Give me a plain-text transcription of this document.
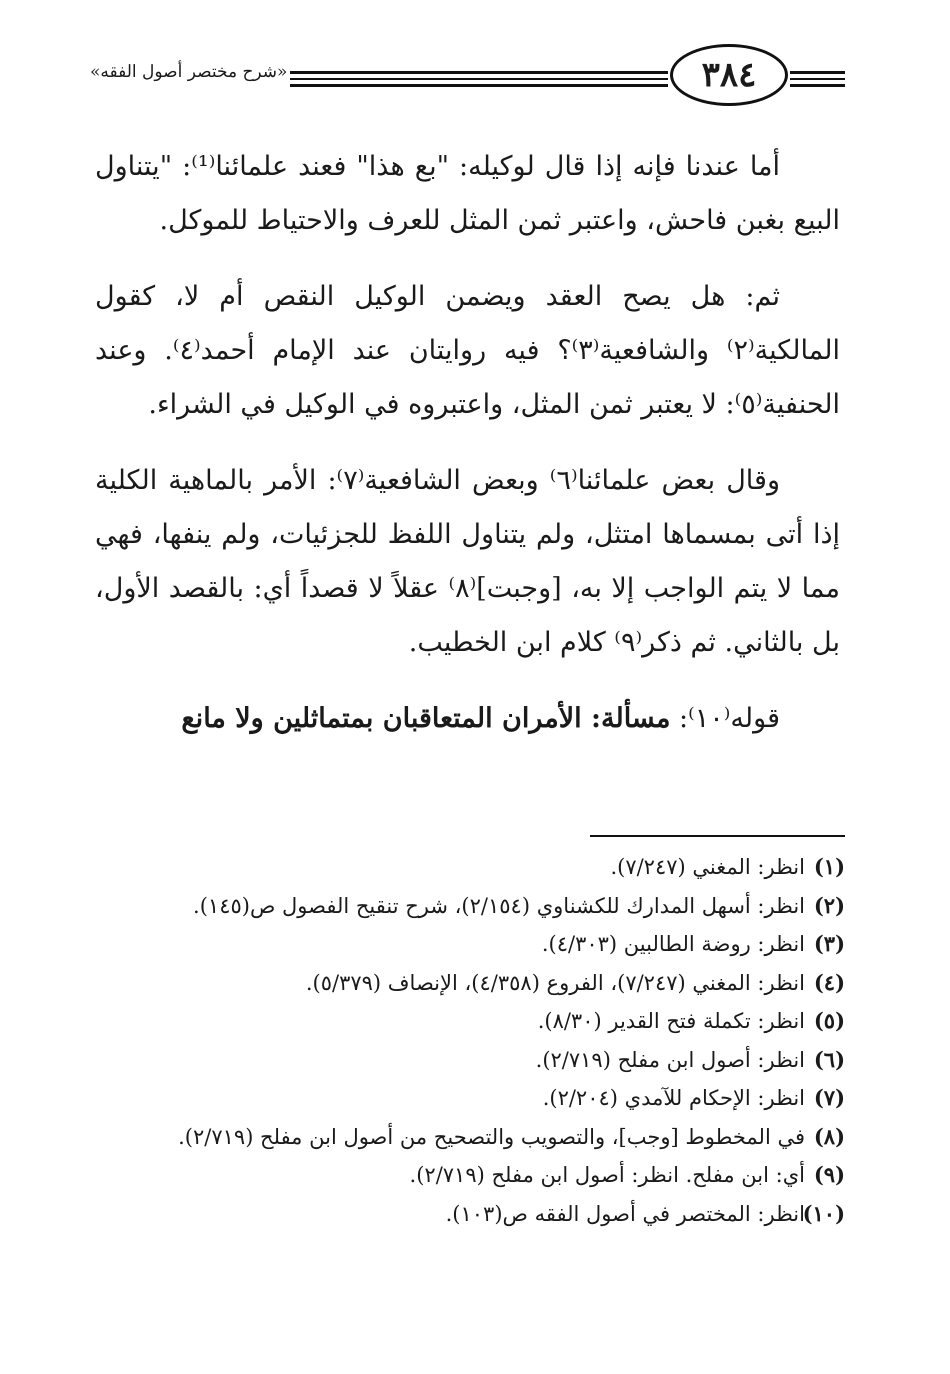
«شرح مختصر أصول الفقه»	٣٨٤

أما عندنا فإنه إذا قال لوكيله: "بع هذا" فعند علمائنا⁽¹⁾: "يتناول البيع بغبن فاحش، واعتبر ثمن المثل للعرف والاحتياط للموكل.

ثم: هل يصح العقد ويضمن الوكيل النقص أم لا، كقول المالكية⁽٢⁾ والشافعية⁽٣⁾؟ فيه روايتان عند الإمام أحمد⁽٤⁾. وعند الحنفية⁽٥⁾: لا يعتبر ثمن المثل، واعتبروه في الوكيل في الشراء.

وقال بعض علمائنا⁽٦⁾ وبعض الشافعية⁽٧⁾: الأمر بالماهية الكلية إذا أتى بمسماها امتثل، ولم يتناول اللفظ للجزئيات، ولم ينفها، فهي مما لا يتم الواجب إلا به، [وجبت]⁽٨⁾ عقلاً لا قصداً أي: بالقصد الأول، بل بالثاني. ثم ذكر⁽٩⁾ كلام ابن الخطيب.

قوله⁽١٠⁾: مسألة: الأمران المتعاقبان بمتماثلين ولا مانع

(١)انظر: المغني (٧/٢٤٧).
(٢)انظر: أسهل المدارك للكشناوي (٢/١٥٤)، شرح تنقيح الفصول ص(١٤٥).
(٣)انظر: روضة الطالبين (٤/٣٠٣).
(٤)انظر: المغني (٧/٢٤٧)، الفروع (٤/٣٥٨)، الإنصاف (٥/٣٧٩).
(٥)انظر: تكملة فتح القدير (٨/٣٠).
(٦)انظر: أصول ابن مفلح (٢/٧١٩).
(٧)انظر: الإحكام للآمدي (٢/٢٠٤).
(٨)في المخطوط [وجب]، والتصويب والتصحيح من أصول ابن مفلح (٢/٧١٩).
(٩)أي: ابن مفلح. انظر: أصول ابن مفلح (٢/٧١٩).
(١٠)انظر: المختصر في أصول الفقه ص(١٠٣).
